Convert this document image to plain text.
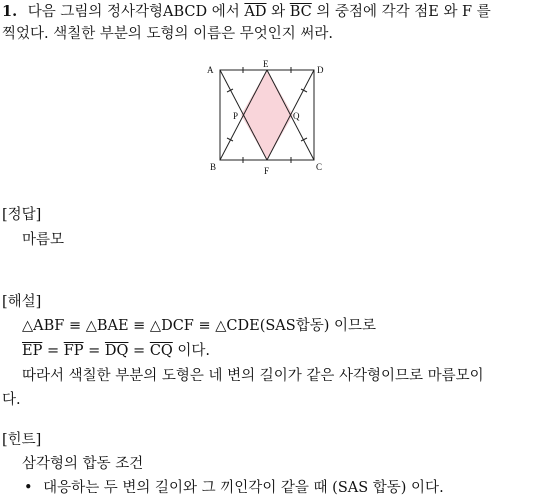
1. 다음 그림의 정사각형ABCD 에서 $\overline{AD}$ 와 $\overline{BC}$ 의 중점에 각각 점E 와 F 를
찍었다. 색칠한 부분의 도형의 이름은 무엇인지 써라.
A
E
D
P	Q
B	F	C
[정답]
마름모
[해설]
△ABF ≡ △BAE ≡ △DCF ≡ △CDE(SAS합동) 이므로
$\overline{EP} = \overline{FP} = \overline{DQ} = \overline{CQ}$ 이다.
따라서 색칠한 부분의 도형은 네 변의 길이가 같은 사각형이므로 마름모이
다.
[힌트]
삼각형의 합동 조건
• 대응하는 두 변의 길이와 그 끼인각이 같을 때 (SAS 합동) 이다.
